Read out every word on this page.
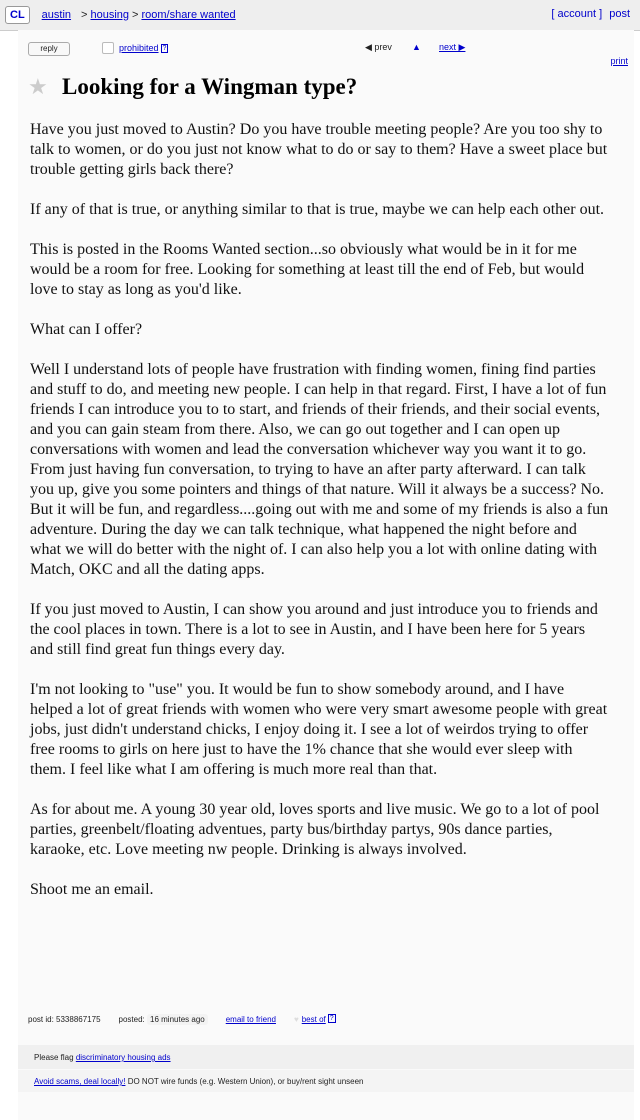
CL	austin > housing > room/share wanted	[ account ] post
reply	prohibited ?	◀ prev ▲ next ▶
print
★ Looking for a Wingman type?

Have you just moved to Austin? Do you have trouble meeting people? Are you too shy to talk to women, or do you just not know what to do or say to them? Have a sweet place but trouble getting girls back there?

If any of that is true, or anything similar to that is true, maybe we can help each other out.

This is posted in the Rooms Wanted section...so obviously what would be in it for me would be a room for free. Looking for something at least till the end of Feb, but would love to stay as long as you'd like.

What can I offer?

Well I understand lots of people have frustration with finding women, fining find parties and stuff to do, and meeting new people. I can help in that regard. First, I have a lot of fun friends I can introduce you to to start, and friends of their friends, and their social events, and you can gain steam from there. Also, we can go out together and I can open up conversations with women and lead the conversation whichever way you want it to go. From just having fun conversation, to trying to have an after party afterward. I can talk you up, give you some pointers and things of that nature. Will it always be a success? No. But it will be fun, and regardless....going out with me and some of my friends is also a fun adventure. During the day we can talk technique, what happened the night before and what we will do better with the night of. I can also help you a lot with online dating with Match, OKC and all the dating apps.

If you just moved to Austin, I can show you around and just introduce you to friends and the cool places in town. There is a lot to see in Austin, and I have been here for 5 years and still find great fun things every day.

I'm not looking to "use" you. It would be fun to show somebody around, and I have helped a lot of great friends with women who were very smart awesome people with great jobs, just didn't understand chicks, I enjoy doing it. I see a lot of weirdos trying to offer free rooms to girls on here just to have the 1% chance that she would ever sleep with them. I feel like what I am offering is much more real than that.

As for about me. A young 30 year old, loves sports and live music. We go to a lot of pool parties, greenbelt/floating adventues, party bus/birthday partys, 90s dance parties, karaoke, etc. Love meeting nw people. Drinking is always involved.

Shoot me an email.

post id: 5338867175 posted: 16 minutes ago	email to friend ♥ best of ?
Please flag discriminatory housing ads
Avoid scams, deal locally! DO NOT wire funds (e.g. Western Union), or buy/rent sight unseen
